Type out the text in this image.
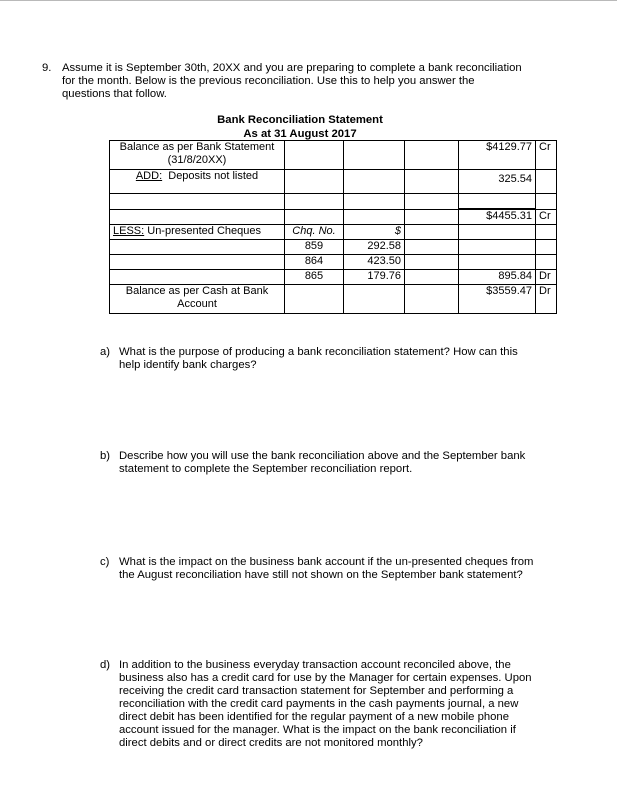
9. Assume it is September 30th, 20XX and you are preparing to complete a bank reconciliation for the month. Below is the previous reconciliation. Use this to help you answer the questions that follow.
Bank Reconciliation Statement
As at 31 August 2017
Balance as per Bank Statement (31/8/20XX)				$4129.77	Cr
ADD: Deposits not listed				325.54	

				$4455.31	Cr
LESS: Un-presented Cheques	Chq. No.	$			
	859	292.58			
	864	423.50			
	865	179.76		895.84	Dr
Balance as per Cash at Bank Account				$3559.47	Dr
a) What is the purpose of producing a bank reconciliation statement? How can this help identify bank charges?
b) Describe how you will use the bank reconciliation above and the September bank statement to complete the September reconciliation report.
c) What is the impact on the business bank account if the un-presented cheques from the August reconciliation have still not shown on the September bank statement?
d) In addition to the business everyday transaction account reconciled above, the business also has a credit card for use by the Manager for certain expenses. Upon receiving the credit card transaction statement for September and performing a reconciliation with the credit card payments in the cash payments journal, a new direct debit has been identified for the regular payment of a new mobile phone account issued for the manager. What is the impact on the bank reconciliation if direct debits and or direct credits are not monitored monthly?
